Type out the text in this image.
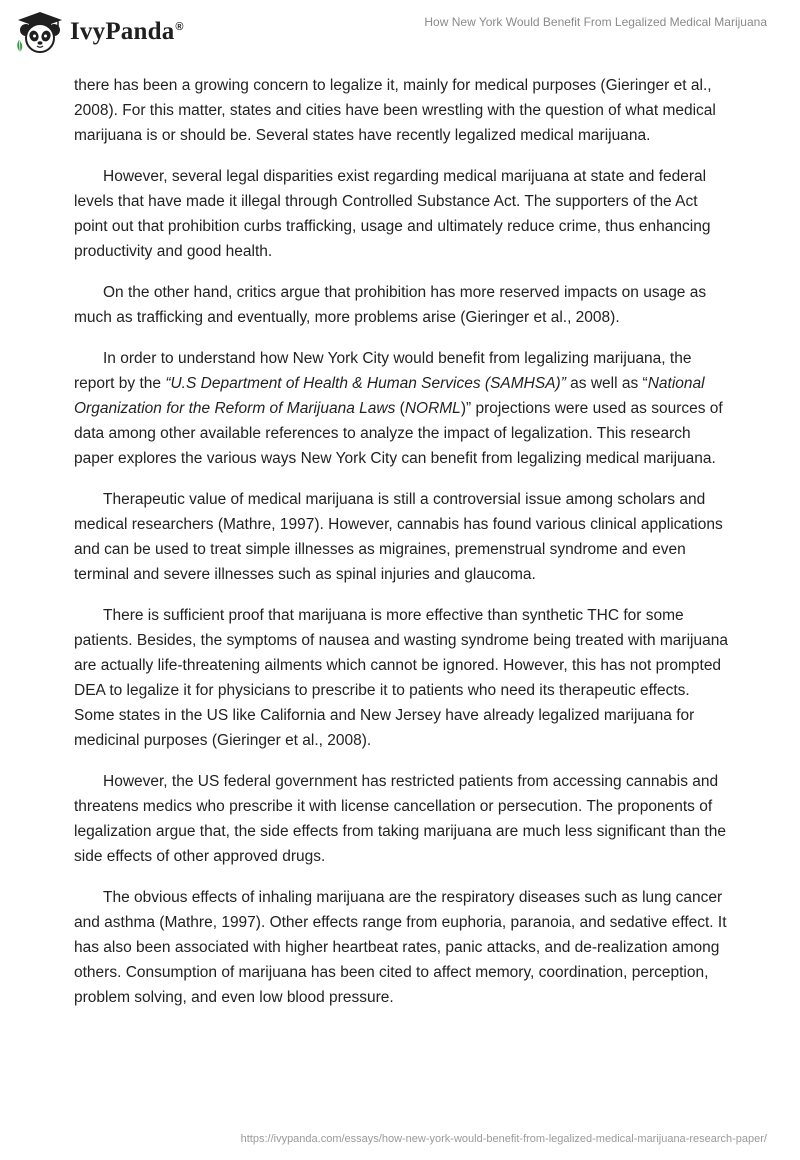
IvyPanda®	How New York Would Benefit From Legalized Medical Marijuana

there has been a growing concern to legalize it, mainly for medical purposes (Gieringer et al., 2008). For this matter, states and cities have been wrestling with the question of what medical marijuana is or should be. Several states have recently legalized medical marijuana.

However, several legal disparities exist regarding medical marijuana at state and federal levels that have made it illegal through Controlled Substance Act. The supporters of the Act point out that prohibition curbs trafficking, usage and ultimately reduce crime, thus enhancing productivity and good health.

On the other hand, critics argue that prohibition has more reserved impacts on usage as much as trafficking and eventually, more problems arise (Gieringer et al., 2008).

In order to understand how New York City would benefit from legalizing marijuana, the report by the “U.S Department of Health & Human Services (SAMHSA)” as well as “National Organization for the Reform of Marijuana Laws (NORML)” projections were used as sources of data among other available references to analyze the impact of legalization. This research paper explores the various ways New York City can benefit from legalizing medical marijuana.

Therapeutic value of medical marijuana is still a controversial issue among scholars and medical researchers (Mathre, 1997). However, cannabis has found various clinical applications and can be used to treat simple illnesses as migraines, premenstrual syndrome and even terminal and severe illnesses such as spinal injuries and glaucoma.

There is sufficient proof that marijuana is more effective than synthetic THC for some patients. Besides, the symptoms of nausea and wasting syndrome being treated with marijuana are actually life-threatening ailments which cannot be ignored. However, this has not prompted DEA to legalize it for physicians to prescribe it to patients who need its therapeutic effects. Some states in the US like California and New Jersey have already legalized marijuana for medicinal purposes (Gieringer et al., 2008).

However, the US federal government has restricted patients from accessing cannabis and threatens medics who prescribe it with license cancellation or persecution. The proponents of legalization argue that, the side effects from taking marijuana are much less significant than the side effects of other approved drugs.

The obvious effects of inhaling marijuana are the respiratory diseases such as lung cancer and asthma (Mathre, 1997). Other effects range from euphoria, paranoia, and sedative effect. It has also been associated with higher heartbeat rates, panic attacks, and de-realization among others. Consumption of marijuana has been cited to affect memory, coordination, perception, problem solving, and even low blood pressure.

https://ivypanda.com/essays/how-new-york-would-benefit-from-legalized-medical-marijuana-research-paper/
